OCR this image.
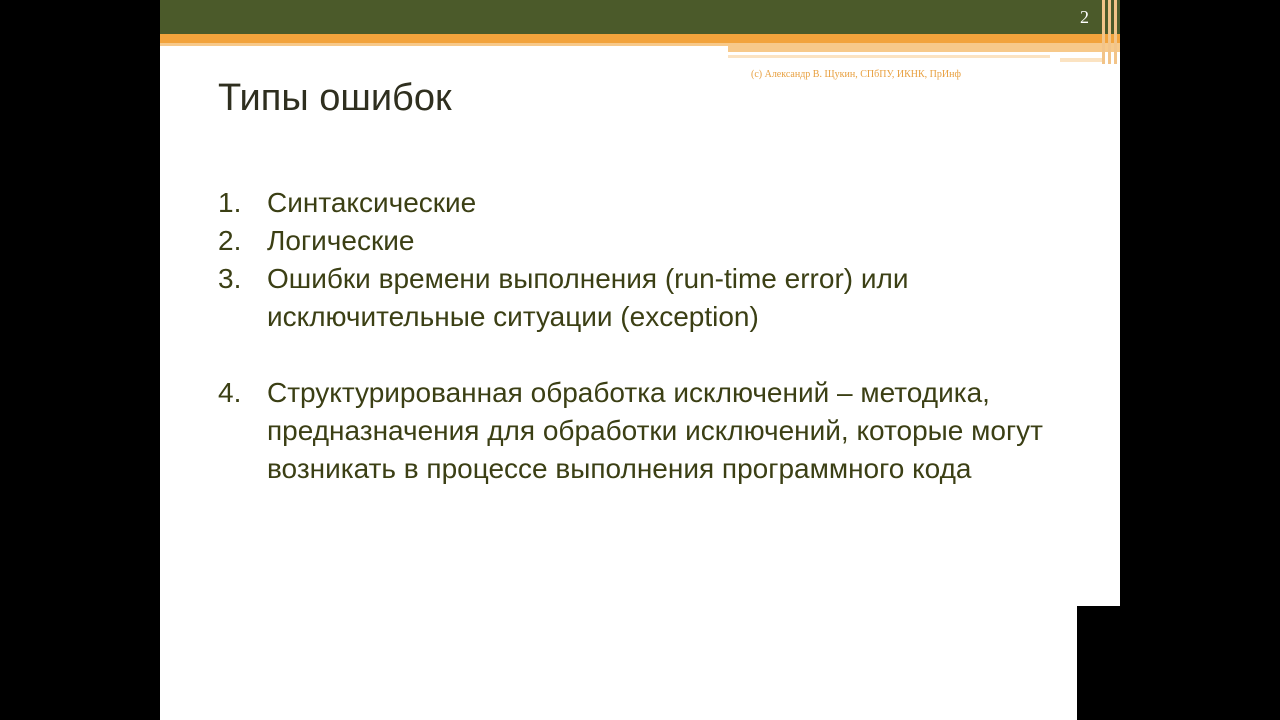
2
(c) Александр В. Щукин, СПбПУ, ИКНК, ПрИнф
Типы ошибок
1. Синтаксические
2. Логические
3. Ошибки времени выполнения (run-time error) или исключительные ситуации (exception)
4. Структурированная обработка исключений – методика, предназначения для обработки исключений, которые могут возникать в процессе выполнения программного кода
